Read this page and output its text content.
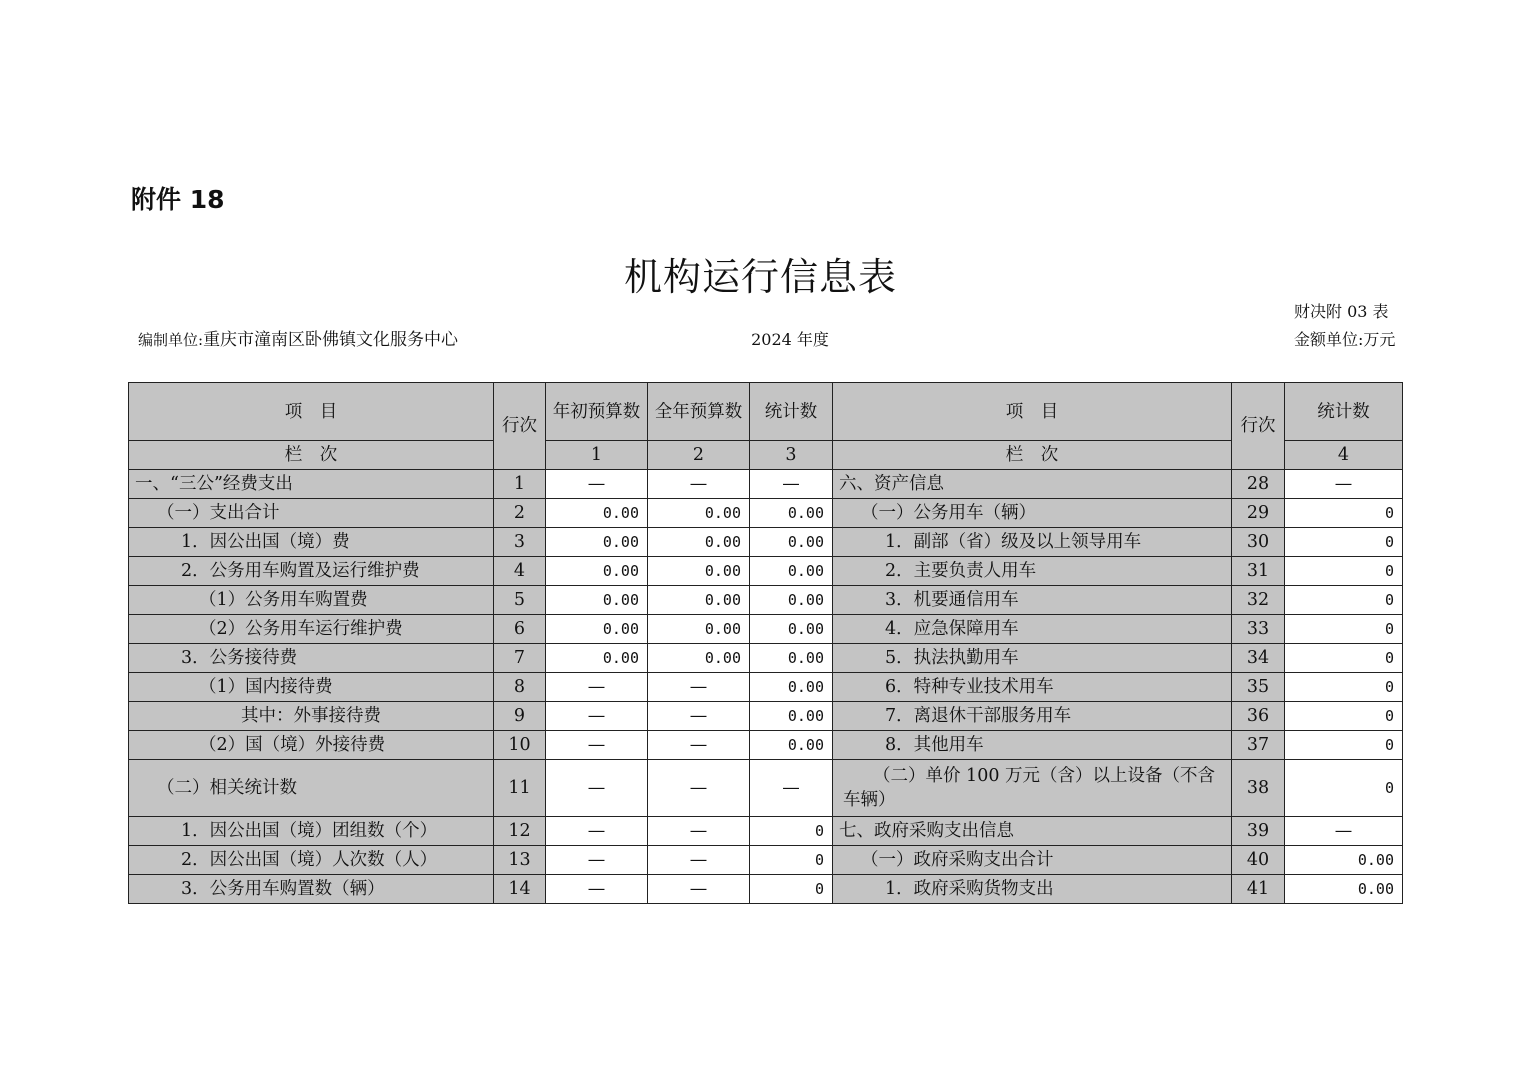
附件 18
机构运行信息表
编制单位:重庆市潼南区卧佛镇文化服务中心	2024 年度
财决附 03 表
金额单位:万元
项　目	行次	年初预算数	全年预算数	统计数	项　目	行次	统计数
栏　次		1	2	3	栏　次		4
一、“三公”经费支出	1	—	—	—	六、资产信息	28	—
（一）支出合计	2	0.00	0.00	0.00	（一）公务用车（辆）	29	0
1．因公出国（境）费	3	0.00	0.00	0.00	1．副部（省）级及以上领导用车	30	0
2．公务用车购置及运行维护费	4	0.00	0.00	0.00	2．主要负责人用车	31	0
（1）公务用车购置费	5	0.00	0.00	0.00	3．机要通信用车	32	0
（2）公务用车运行维护费	6	0.00	0.00	0.00	4．应急保障用车	33	0
3．公务接待费	7	0.00	0.00	0.00	5．执法执勤用车	34	0
（1）国内接待费	8	—	—	0.00	6．特种专业技术用车	35	0
其中：外事接待费	9	—	—	0.00	7．离退休干部服务用车	36	0
（2）国（境）外接待费	10	—	—	0.00	8．其他用车	37	0
（二）相关统计数	11	—	—	—	（二）单价 100 万元（含）以上设备（不含车辆）	38	0
1．因公出国（境）团组数（个）	12	—	—	0	七、政府采购支出信息	39	—
2．因公出国（境）人次数（人）	13	—	—	0	（一）政府采购支出合计	40	0.00
3．公务用车购置数（辆）	14	—	—	0	1．政府采购货物支出	41	0.00
